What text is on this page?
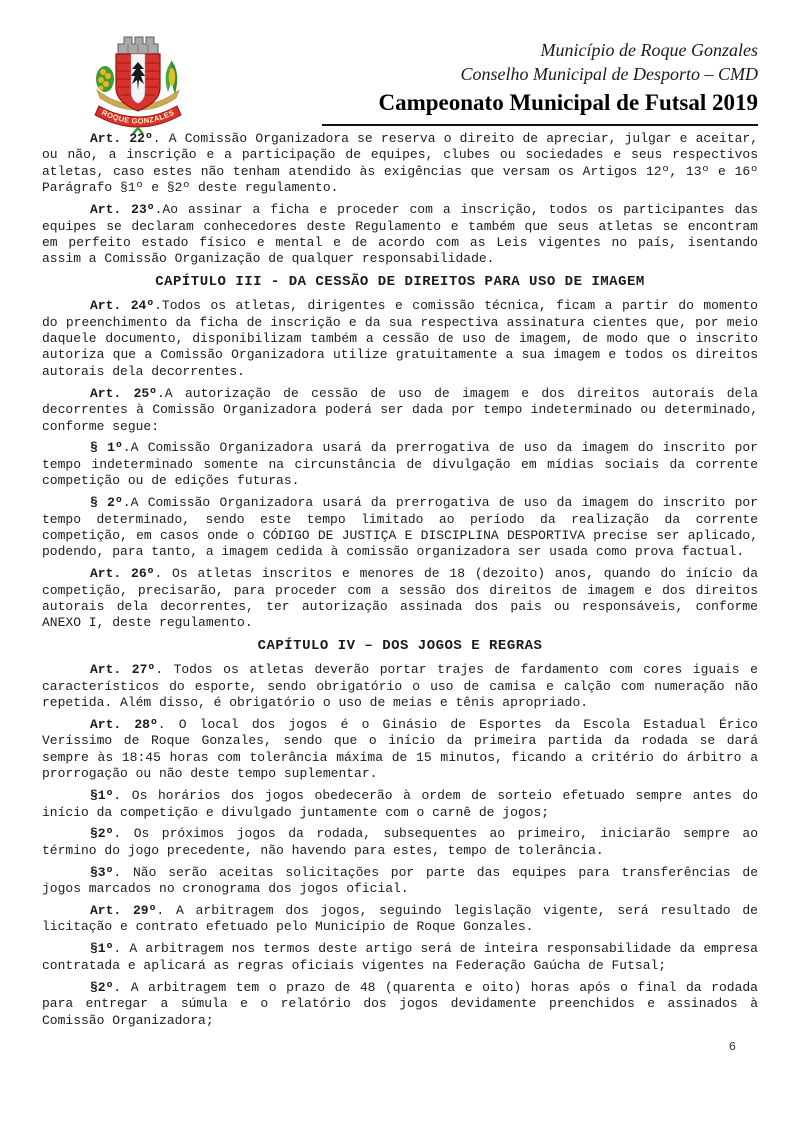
ROQUE GONZALES
Município de Roque Gonzales
Conselho Municipal de Desporto – CMD
Campeonato Municipal de Futsal 2019

Art. 22º. A Comissão Organizadora se reserva o direito de apreciar, julgar e aceitar, ou não, a inscrição e a participação de equipes, clubes ou sociedades e seus respectivos atletas, caso estes não tenham atendido às exigências que versam os Artigos 12º, 13º e 16º Parágrafo §1º e §2º deste regulamento.

Art. 23º.Ao assinar a ficha e proceder com a inscrição, todos os participantes das equipes se declaram conhecedores deste Regulamento e também que seus atletas se encontram em perfeito estado físico e mental e de acordo com as Leis vigentes no país, isentando assim a Comissão Organização de qualquer responsabilidade.

CAPÍTULO III - DA CESSÃO DE DIREITOS PARA USO DE IMAGEM

Art. 24º.Todos os atletas, dirigentes e comissão técnica, ficam a partir do momento do preenchimento da ficha de inscrição e da sua respectiva assinatura cientes que, por meio daquele documento, disponibilizam também a cessão de uso de imagem, de modo que o inscrito autoriza que a Comissão Organizadora utilize gratuitamente a sua imagem e todos os direitos autorais dela decorrentes.

Art. 25º.A autorização de cessão de uso de imagem e dos direitos autorais dela decorrentes à Comissão Organizadora poderá ser dada por tempo indeterminado ou determinado, conforme segue:

§ 1º.A Comissão Organizadora usará da prerrogativa de uso da imagem do inscrito por tempo indeterminado somente na circunstância de divulgação em mídias sociais da corrente competição ou de edições futuras.

§ 2º.A Comissão Organizadora usará da prerrogativa de uso da imagem do inscrito por tempo determinado, sendo este tempo limitado ao período da realização da corrente competição, em casos onde o CÓDIGO DE JUSTIÇA E DISCIPLINA DESPORTIVA precise ser aplicado, podendo, para tanto, a imagem cedida à comissão organizadora ser usada como prova factual.

Art. 26º. Os atletas inscritos e menores de 18 (dezoito) anos, quando do início da competição, precisarão, para proceder com a sessão dos direitos de imagem e dos direitos autorais dela decorrentes, ter autorização assinada dos pais ou responsáveis, conforme ANEXO I, deste regulamento.

CAPÍTULO IV – DOS JOGOS E REGRAS

Art. 27º. Todos os atletas deverão portar trajes de fardamento com cores iguais e característicos do esporte, sendo obrigatório o uso de camisa e calção com numeração não repetida. Além disso, é obrigatório o uso de meias e tênis apropriado.

Art. 28º. O local dos jogos é o Ginásio de Esportes da Escola Estadual Érico Veríssimo de Roque Gonzales, sendo que o início da primeira partida da rodada se dará sempre às 18:45 horas com tolerância máxima de 15 minutos, ficando a critério do árbitro a prorrogação ou não deste tempo suplementar.

§1º. Os horários dos jogos obedecerão à ordem de sorteio efetuado sempre antes do início da competição e divulgado juntamente com o carnê de jogos;

§2º. Os próximos jogos da rodada, subsequentes ao primeiro, iniciarão sempre ao término do jogo precedente, não havendo para estes, tempo de tolerância.

§3º. Não serão aceitas solicitações por parte das equipes para transferências de jogos marcados no cronograma dos jogos oficial.

Art. 29º. A arbitragem dos jogos, seguindo legislação vigente, será resultado de licitação e contrato efetuado pelo Município de Roque Gonzales.

§1º. A arbitragem nos termos deste artigo será de inteira responsabilidade da empresa contratada e aplicará as regras oficiais vigentes na Federação Gaúcha de Futsal;

§2º. A arbitragem tem o prazo de 48 (quarenta e oito) horas após o final da rodada para entregar a súmula e o relatório dos jogos devidamente preenchidos e assinados à Comissão Organizadora;

6
